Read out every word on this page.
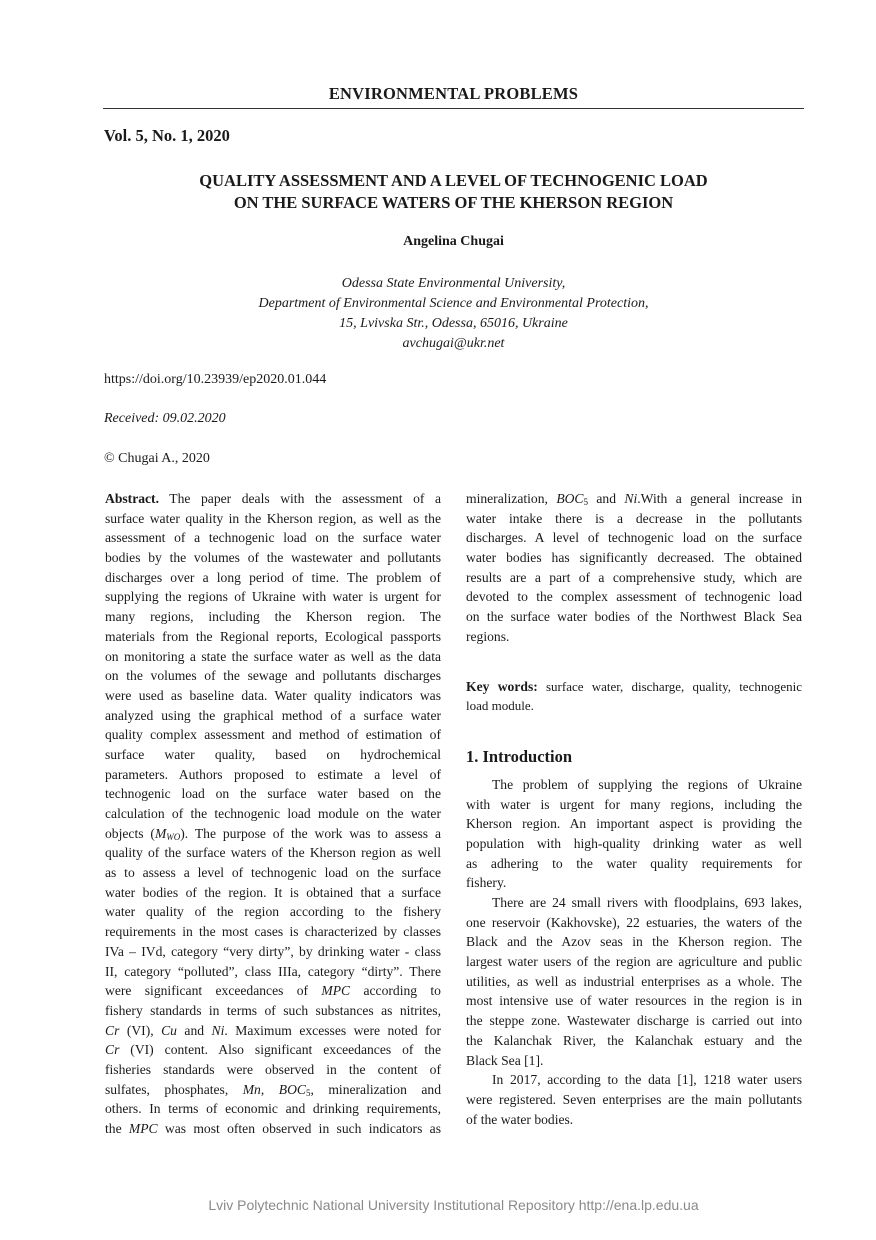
ENVIRONMENTAL PROBLEMS
Vol. 5, No. 1, 2020
QUALITY ASSESSMENT AND A LEVEL OF TECHNOGENIC LOAD
ON THE SURFACE WATERS OF THE KHERSON REGION
Angelina Chugai
Odessa State Environmental University,
Department of Environmental Science and Environmental Protection,
15, Lvivska Str., Odessa, 65016, Ukraine
avchugai@ukr.net
https://doi.org/10.23939/ep2020.01.044
Received: 09.02.2020
© Chugai A., 2020
Abstract. The paper deals with the assessment of a
surface water quality in the Kherson region, as well as the
assessment of a technogenic load on the surface water
bodies by the volumes of the wastewater and pollutants
discharges over a long period of time. The problem of
supplying the regions of Ukraine with water is urgent for
many regions, including the Kherson region. The
materials from the Regional reports, Ecological passports
on monitoring a state the surface water as well as the data
on the volumes of the sewage and pollutants discharges
were used as baseline data. Water quality indicators was
analyzed using the graphical method of a surface water
quality complex assessment and method of estimation of
surface water quality, based on hydrochemical
parameters. Authors proposed to estimate a level of
technogenic load on the surface water based on the
calculation of the technogenic load module on the water
objects $(M_{WO})$. The purpose of the work was to assess a
quality of the surface waters of the Kherson region as well
as to assess a level of technogenic load on the surface
water bodies of the region. It is obtained that a surface
water quality of the region according to the fishery
requirements in the most cases is characterized by classes
IVa – IVd, category “very dirty”, by drinking water - class
II, category “polluted”, class IIIa, category “dirty”. There
were significant exceedances of MPC according to
fishery standards in terms of such substances as nitrites,
Cr (VI), Cu and Ni. Maximum excesses were noted for
Cr (VI) content. Also significant exceedances of the
fisheries standards were observed in the content of
sulfates, phosphates, Mn, $BOC_5$, mineralization and
others. In terms of economic and drinking requirements,
the MPC was most often observed in such indicators as
mineralization, $BOC_5$ and Ni.With a general increase in
water intake there is a decrease in the pollutants
discharges. A level of technogenic load on the surface
water bodies has significantly decreased. The obtained
results are a part of a comprehensive study, which are
devoted to the complex assessment of technogenic load
on the surface water bodies of the Northwest Black Sea
regions.
Key words: surface water, discharge, quality, technogenic
load module.
1. Introduction
The problem of supplying the regions of Ukraine
with water is urgent for many regions, including the
Kherson region. An important aspect is providing the
population with high-quality drinking water as well
as adhering to the water quality requirements for
fishery.
There are 24 small rivers with floodplains, 693 lakes,
one reservoir (Kakhovske), 22 estuaries, the waters of the
Black and the Azov seas in the Kherson region. The
largest water users of the region are agriculture and public
utilities, as well as industrial enterprises as a whole. The
most intensive use of water resources in the region is in
the steppe zone. Wastewater discharge is carried out into
the Kalanchak River, the Kalanchak estuary and the
Black Sea [1].
In 2017, according to the data [1], 1218 water users
were registered. Seven enterprises are the main pollutants
of the water bodies.
Lviv Polytechnic National University Institutional Repository http://ena.lp.edu.ua
